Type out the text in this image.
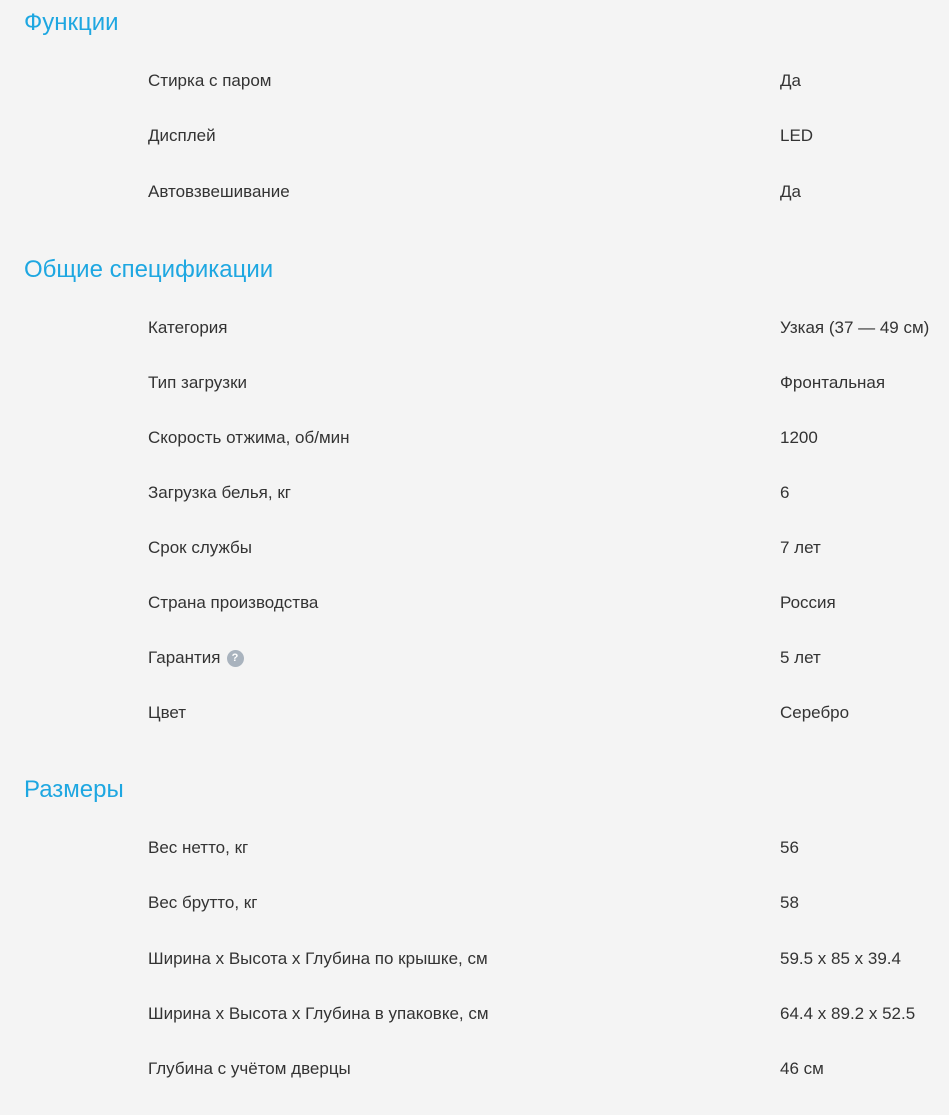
Функции
Стирка с паром	Да
Дисплей	LED
Автовзвешивание	Да
Общие спецификации
Категория	Узкая (37 — 49 см)
Тип загрузки	Фронтальная
Скорость отжима, об/мин	1200
Загрузка белья, кг	6
Срок службы	7 лет
Страна производства	Россия
Гарантия	?	5 лет
Цвет	Серебро
Размеры
Вес нетто, кг	56
Вес брутто, кг	58
Ширина x Высота x Глубина по крышке, см	59.5 x 85 x 39.4
Ширина x Высота x Глубина в упаковке, см	64.4 x 89.2 x 52.5
Глубина с учётом дверцы	46 см
